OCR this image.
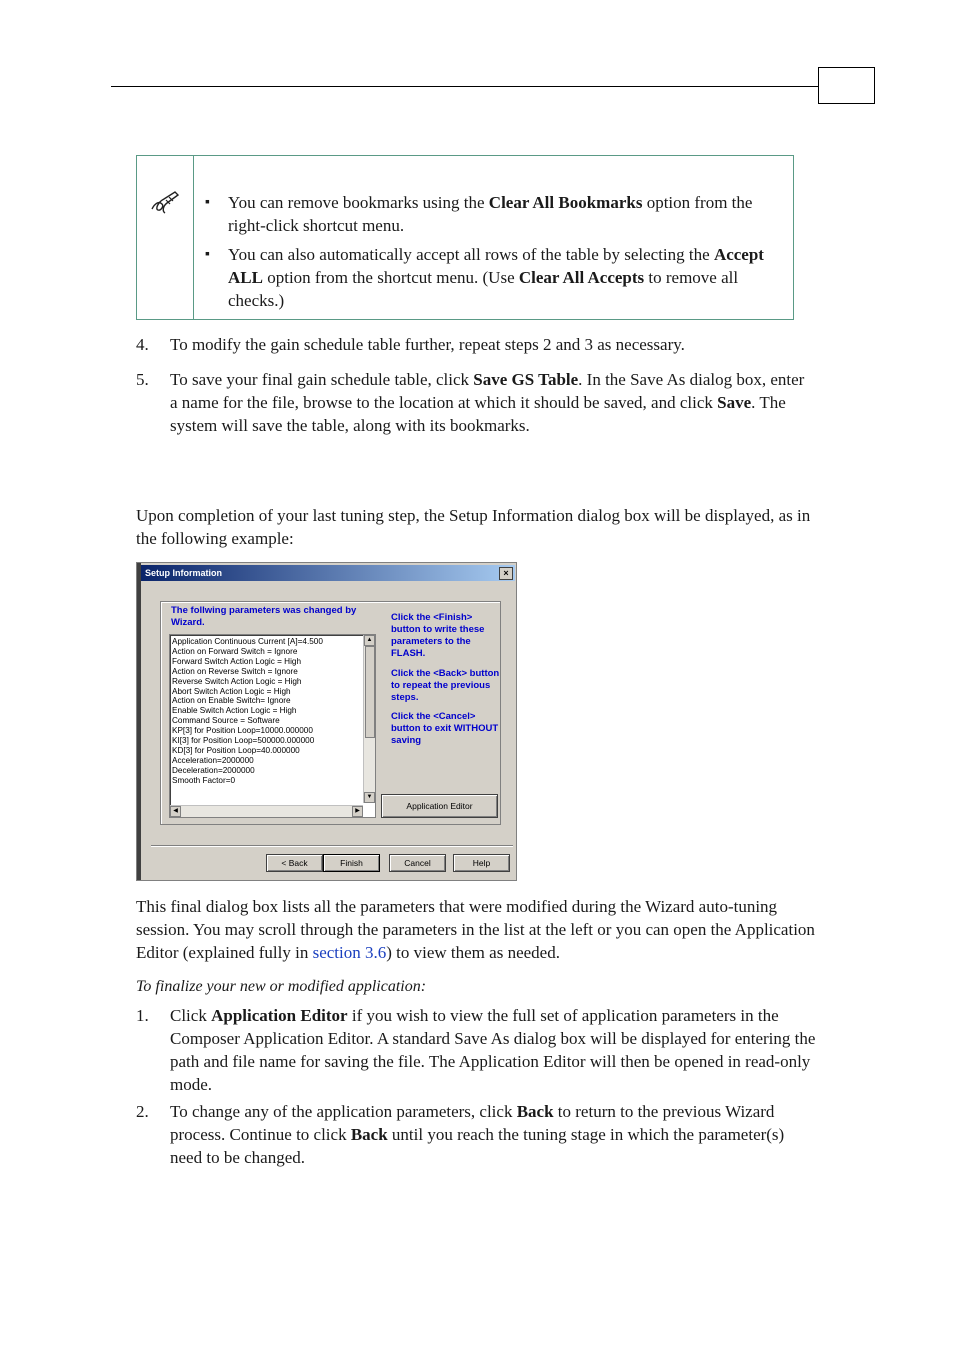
▪ You can remove bookmarks using the Clear All Bookmarks option from the right-click shortcut menu.
▪ You can also automatically accept all rows of the table by selecting the Accept ALL option from the shortcut menu. (Use Clear All Accepts to remove all checks.)
4. To modify the gain schedule table further, repeat steps 2 and 3 as necessary.
5. To save your final gain schedule table, click Save GS Table. In the Save As dialog box, enter a name for the file, browse to the location at which it should be saved, and click Save. The system will save the table, along with its bookmarks.
Upon completion of your last tuning step, the Setup Information dialog box will be displayed, as in the following example:
Setup Information	×
The follwing parameters was changed by Wizard.
Application Continuous Current [A]=4.500
Action on Forward Switch = Ignore
Forward Switch Action Logic = High
Action on Reverse Switch = Ignore
Reverse Switch Action Logic = High
Abort Switch Action Logic = High
Action on Enable Switch= Ignore
Enable Switch Action Logic = High
Command Source = Software
KP[3] for Position Loop=10000.000000
KI[3] for Position Loop=500000.000000
KD[3] for Position Loop=40.000000
Acceleration=2000000
Deceleration=2000000
Smooth Factor=0
▲
▼
◀	▶
Click the <Finish> button to write these parameters to the FLASH.
Click the <Back> button to repeat the previous steps.
Click the <Cancel> button to exit WITHOUT saving
Application Editor
< Back	Finish	Cancel	Help
This final dialog box lists all the parameters that were modified during the Wizard auto-tuning session. You may scroll through the parameters in the list at the left or you can open the Application Editor (explained fully in section 3.6) to view them as needed.
To finalize your new or modified application:
1. Click Application Editor if you wish to view the full set of application parameters in the Composer Application Editor. A standard Save As dialog box will be displayed for entering the path and file name for saving the file. The Application Editor will then be opened in read-only mode.
2. To change any of the application parameters, click Back to return to the previous Wizard process. Continue to click Back until you reach the tuning stage in which the parameter(s) need to be changed.
